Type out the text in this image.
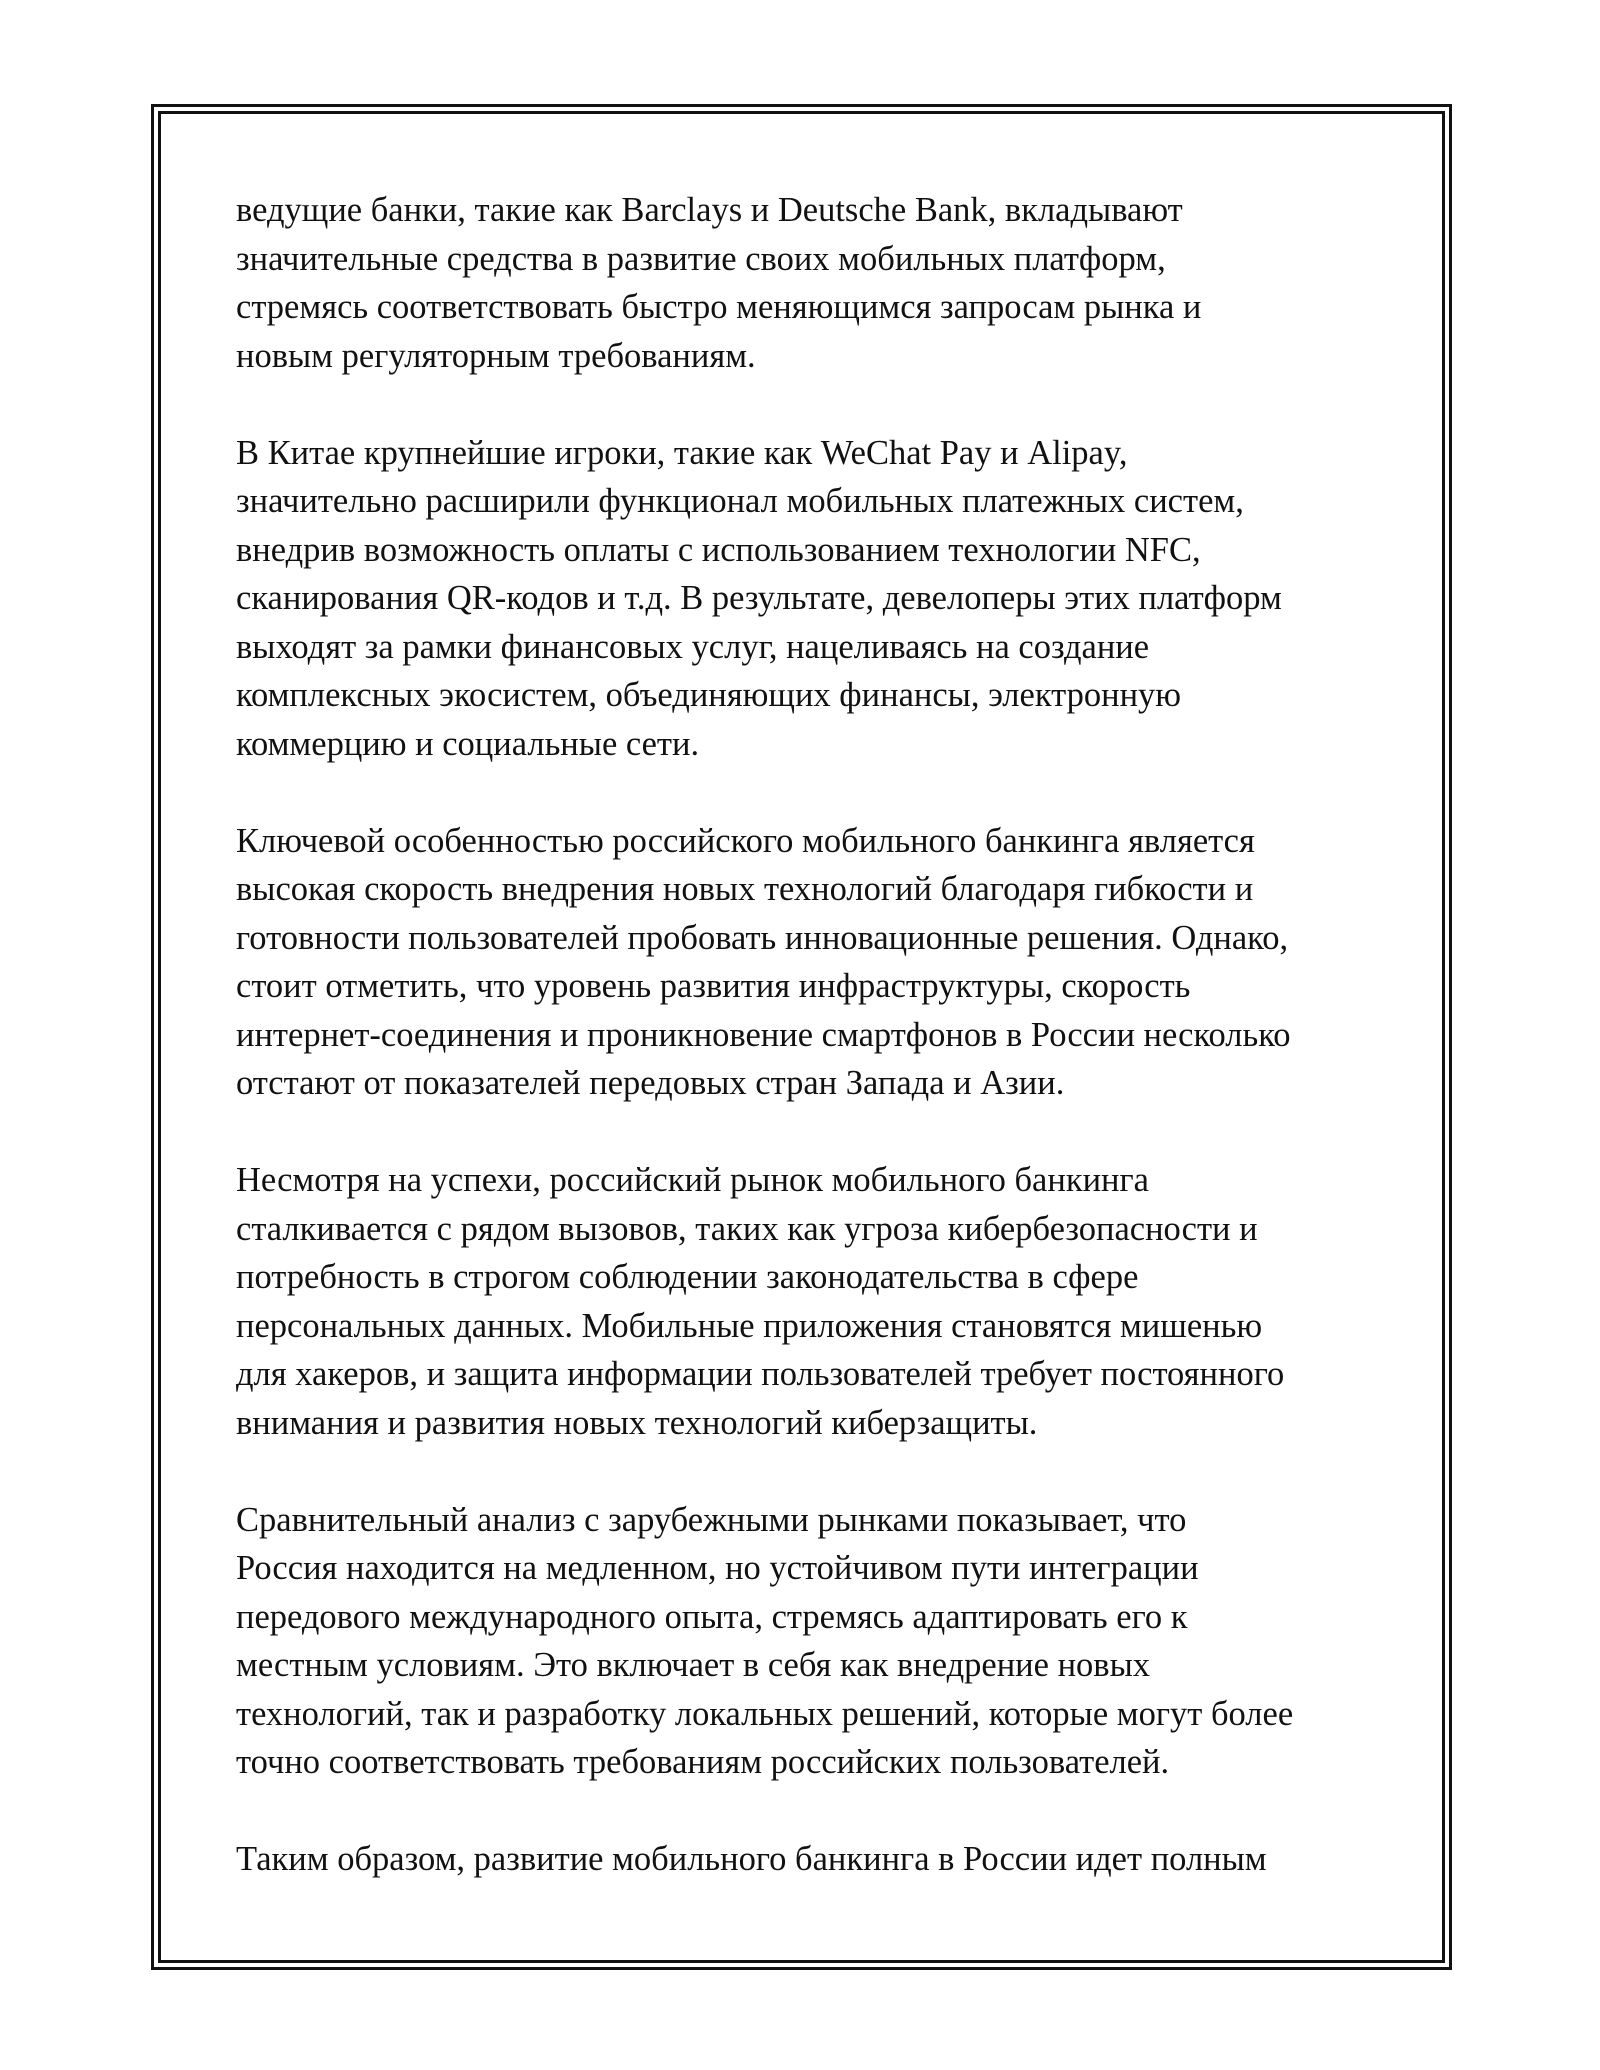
ведущие банки, такие как Barclays и Deutsche Bank, вкладывают
значительные средства в развитие своих мобильных платформ,
стремясь соответствовать быстро меняющимся запросам рынка и
новым регуляторным требованиям.

В Китае крупнейшие игроки, такие как WeChat Pay и Alipay,
значительно расширили функционал мобильных платежных систем,
внедрив возможность оплаты с использованием технологии NFC,
сканирования QR-кодов и т.д. В результате, девелоперы этих платформ
выходят за рамки финансовых услуг, нацеливаясь на создание
комплексных экосистем, объединяющих финансы, электронную
коммерцию и социальные сети.

Ключевой особенностью российского мобильного банкинга является
высокая скорость внедрения новых технологий благодаря гибкости и
готовности пользователей пробовать инновационные решения. Однако,
стоит отметить, что уровень развития инфраструктуры, скорость
интернет-соединения и проникновение смартфонов в России несколько
отстают от показателей передовых стран Запада и Азии.

Несмотря на успехи, российский рынок мобильного банкинга
сталкивается с рядом вызовов, таких как угроза кибербезопасности и
потребность в строгом соблюдении законодательства в сфере
персональных данных. Мобильные приложения становятся мишенью
для хакеров, и защита информации пользователей требует постоянного
внимания и развития новых технологий киберзащиты.

Сравнительный анализ с зарубежными рынками показывает, что
Россия находится на медленном, но устойчивом пути интеграции
передового международного опыта, стремясь адаптировать его к
местным условиям. Это включает в себя как внедрение новых
технологий, так и разработку локальных решений, которые могут более
точно соответствовать требованиям российских пользователей.

Таким образом, развитие мобильного банкинга в России идет полным
